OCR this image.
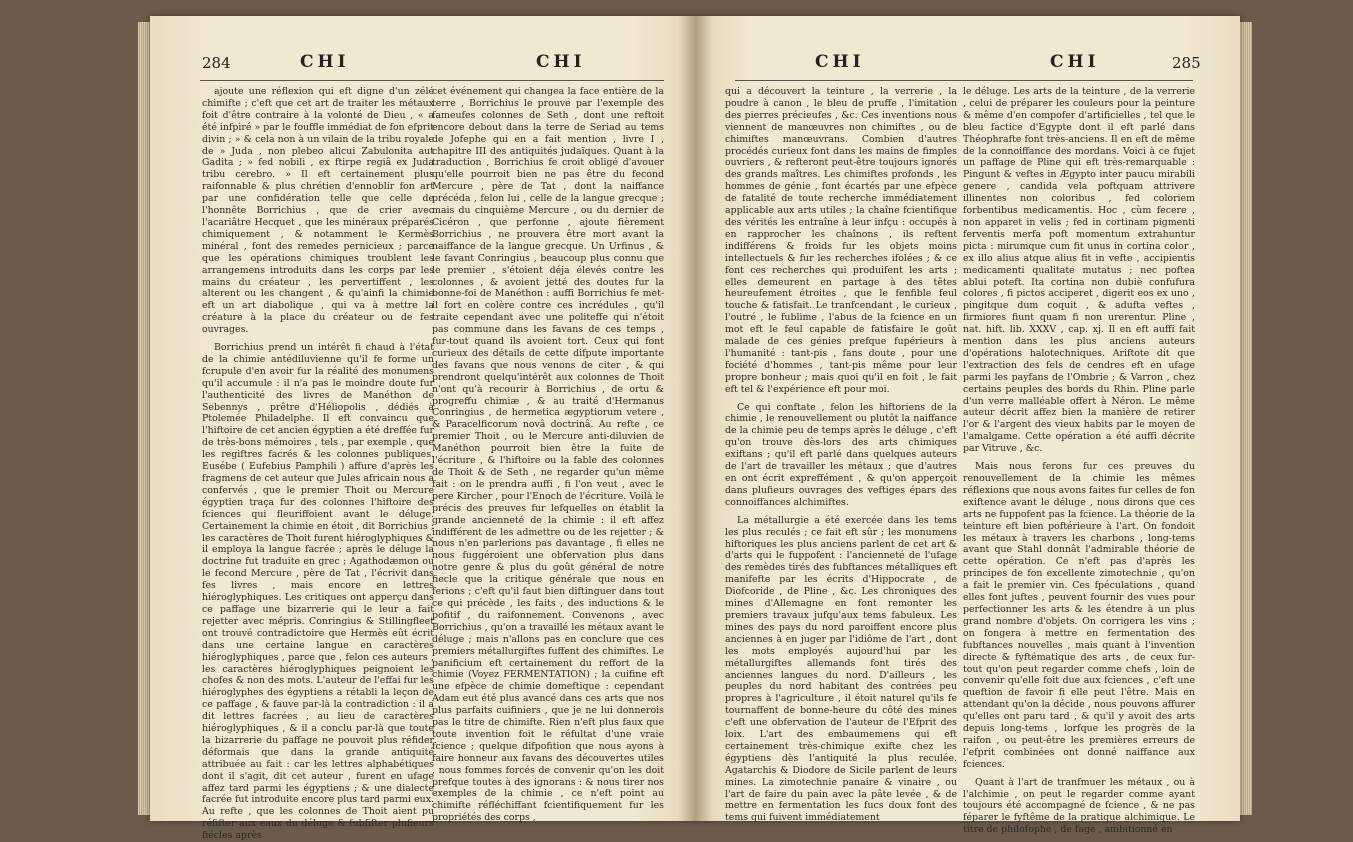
284	CHI	CHI

ajoute une réflexion qui eft digne d'un zélé chimifte ; c'eft que cet art de traiter les métaux foit d'être contraire à la volonté de Dieu , « a été infpiré » par le fouffle immédiat de fon efprit divin ; » & cela non à un vilain de la tribu royale de » Juda , non plebeo alicui Zabulonita aut Gadita ; » fed nobili , ex ftirpe regiâ ex Juda tribu cerebro. » Il eft certainement plus raifonnable & plus chrétien d'ennoblir fon art par une confidération telle que celle de l'honnête Borrichius , que de crier avec l'acariâtre Hecquet , que les minéraux préparés chimiquement , & notamment le Kermès minéral , font des remedes pernicieux ; parce que les opérations chimiques troublent les arrangemens introduits dans les corps par les mains du créateur , les pervertiffent , les alterent ou les changent , & qu'ainfi la chimie eft un art diabolique , qui va à mettre la créature à la place du créateur ou de fes ouvrages.

Borrichius prend un intérêt fi chaud à l'état de la chimie antédiluvienne qu'il fe forme un fcrupule d'en avoir fur la réalité des monumens qu'il accumule : il n'a pas le moindre doute fur l'authenticité des livres de Manéthon de Sebennys , prêtre d'Héliopolis , dédiés à Ptolemée Philadelphe. Il eft convaincu que l'hiftoire de cet ancien égyptien a été dreffée fur de très-bons mémoires , tels , par exemple , que les regiftres facrés & les colonnes publiques. Eusébe ( Eufebius Pamphili ) affure d'après les fragmens de cet auteur que Jules africain nous a confervés , que le premier Thoit ou Mercure égyptien traça fur des colonnes l'hiftoire des fciences qui fleuriffoient avant le déluge. Certainement la chimie en étoit , dit Borrichius ; les caractères de Thoit furent hiéroglyphiques & il employa la langue facrée ; après le déluge la doctrine fut traduite en grec ; Agathodæmon ou le fecond Mercure , père de Tat , l'écrivit dans fes livres , mais encore en lettres hiéroglyphiques. Les critiques ont apperçu dans ce paffage une bizarrerie qui le leur a fait rejetter avec mépris. Conringius & Stillingfleet ont trouvé contradictoire que Hermès eût écrit dans une certaine langue en caractères hiéroglyphiques , parce que , felon ces auteurs , les caractères hiéroglyphiques peignoient les chofes & non des mots. L'auteur de l'effai fur les hiéroglyphes des égyptiens a rétabli la leçon de ce paffage , & fauve par-là la contradiction : il a dit lettres facrées , au lieu de caractères hiéroglyphiques , & il a conclu par-là que toute la bizarrerie du paffage ne pouvoit plus réfider déformais que dans la grande antiquité attribuée au fait : car les lettres alphabétiques dont il s'agit, dit cet auteur , furent en ufage affez tard parmi les égyptiens ; & une dialecte facrée fut introduite encore plus tard parmi eux. Au refte , que les colonnes de Thoit aient pu réfifter aux eaux du déluge & fubfifter plufieurs fiécles après

cet événement qui changea la face entière de la terre , Borrichius le prouve par l'exemple des fameufes colonnes de Seth , dont une reftoit encore debout dans la terre de Seriad au tems de Jofephe qui en a fait mention , livre I , chapitre III des antiquités judaïques. Quant à la traduction , Borrichius fe croit obligé d'avouer qu'elle pourroit bien ne pas être du fecond Mercure , père de Tat , dont la naiffance précéda , felon lui , celle de la langue grecque ; mais du cinquième Mercure , ou du dernier de Cicéron , que perfonne , ajoute fièrement Borrichius , ne prouvera être mort avant la naiffance de la langue grecque. Un Urfinus , & le favant Conringius , beaucoup plus connu que le premier , s'étoient déja élevés contre les colonnes , & avoient jetté des doutes fur la bonne-foi de Manéthon : auffi Borrichius fe met-il fort en colère contre ces incrédules , qu'il traite cependant avec une politeffe qui n'étoit pas commune dans les favans de ces temps , fur-tout quand ils avoient tort. Ceux qui font curieux des détails de cette difpute importante des favans que nous venons de citer , & qui prendront quelqu'intérêt aux colonnes de Thoit n'ont qu'à recourir à Borrichius , de ortu & progreffu chimiæ , & au traité d'Hermanus Conringius , de hermetica ægyptiorum vetere , & Paracelficorum novâ doctrinâ. Au refte , ce premier Thoit , ou le Mercure anti-diluvien de Manéthon pourroit bien être la fuite de l'écriture , & l'hiftoire ou la fable des colonnes de Thoit & de Seth , ne regarder qu'un même fait : on le prendra auffi , fi l'on veut , avec le pere Kircher , pour l'Enoch de l'écriture. Voilà le précis des preuves fur lefquelles on établit la grande ancienneté de la chimie : il eft affez indifférent de les admettre ou de les rejetter ; & nous n'en parlerions pas davantage , fi elles ne nous fuggéroient une obfervation plus dans notre genre & plus du goût général de notre fiecle que la critique générale que nous en ferions ; c'eft qu'il faut bien diftinguer dans tout ce qui précède , les faits , des inductions & le pofitif , du raifonnement. Convenons , avec Borrichius , qu'on a travaillé les métaux avant le déluge ; mais n'allons pas en conclure que ces premiers métallurgiftes fuffent des chimiftes. Le panificium eft certainement du reffort de la chimie (Voyez FERMENTATION) ; la cuifine eft une efpèce de chimie domeftique : cependant Adam eut été plus avancé dans ces arts que nos plus parfaits cuifiniers , que je ne lui donnerois pas le titre de chimifte. Rien n'eft plus faux que toute invention foit le réfultat d'une vraie fcience ; quelque difpofition que nous ayons à faire honneur aux favans des découvertes utiles , nous fommes forcés de convenir qu'on les doit prefque toutes à des ignorans : & nous tirer nos exemples de la chimie , ce n'eft point au chimifte réfléchiffant fcientifiquement fur les propriétés des corps ,

CHI	CHI	285

qui a découvert la teinture , la verrerie , la poudre à canon , le bleu de pruffe , l'imitation des pierres précieufes , &c. Ces inventions nous viennent de manœuvres non chimiftes , ou de chimiftes manœuvrans. Combien d'autres procédés curieux font dans les mains de fimples ouvriers , & refteront peut-être toujours ignorés des grands maîtres. Les chimiftes profonds , les hommes de génie , font écartés par une efpèce de fatalité de toute recherche immédiatement applicable aux arts utiles ; la chaîne fcientifique des vérités les entraîne à leur infçu : occupés à en rapprocher les chaînons , ils reftent indifférens & froids fur les objets moins intellectuels & fur les recherches ifolées ; & ce font ces recherches qui produifent les arts ; elles demeurent en partage à des têtes heureufement étroites , que le fenfible feul touche & fatisfait. Le tranfcendant , le curieux , l'outré , le fublime , l'abus de la fcience en un mot eft le feul capable de fatisfaire le goût malade de ces génies prefque fupérieurs à l'humanité : tant-pis , fans doute , pour une fociété d'hommes , tant-pis même pour leur propre bonheur ; mais quoi qu'il en foit , le fait eft tel & l'expérience eft pour moi.

Ce qui conftate , felon les hiftoriens de la chimie , le renouvellement ou plutôt la naiffance de la chimie peu de temps après le déluge , c'eft qu'on trouve dès-lors des arts chimiques exiftans ; qu'il eft parlé dans quelques auteurs de l'art de travailler les métaux ; que d'autres en ont écrit expreffément , & qu'on apperçoit dans plufieurs ouvrages des veftiges épars des connoiffances alchimiftes.

La métallurgie a été exercée dans les tems les plus reculés ; ce fait eft sûr ; les monumens hiftoriques les plus anciens parlent de cet art & d'arts qui le fuppofent : l'ancienneté de l'ufage des remèdes tirés des fubftances métalliques eft manifefte par les écrits d'Hippocrate , de Diofcoride , de Pline , &c. Les chroniques des mines d'Allemagne en font remonter les premiers travaux jufqu'aux tems fabuleux. Les mines des pays du nord paroiffent encore plus anciennes à en juger par l'idiôme de l'art , dont les mots employés aujourd'hui par les métallurgiftes allemands font tirés des anciennes langues du nord. D'ailleurs , les peuples du nord habitant des contrées peu propres à l'agriculture , il étoit naturel qu'ils fe tournaffent de bonne-heure du côté des mines c'eft une obfervation de l'auteur de l'Efprit des loix. L'art des embaumemens qui eft certainement très-chimique exifte chez les égyptiens dès l'antiquité la plus reculée. Agatarchis & Diodore de Sicile parlent de leurs mines. La zimotechnie panaire & vinaire , ou l'art de faire du pain avec la pâte levée , & de mettre en fermentation les fucs doux font des tems qui fuivent immédiatement

le déluge. Les arts de la teinture , de la verrerie , celui de préparer les couleurs pour la peinture & même d'en compofer d'artificielles , tel que le bleu factice d'Egypte dont il eft parlé dans Théophrafte font très-anciens. Il en eft de même de la connoiffance des mordans. Voici à ce fujet un paffage de Pline qui eft très-remarquable : Pingunt & veftes in Ægypto inter paucu mirabili genere , candida vela poftquam attrivere illinentes non coloribus , fed coloriem forbentibus medicamentis. Hoc , cùm fecere , non apparet in velis ; fed in cortinam pigmenti ferventis merfa poft momentum extrahuntur picta : mirumque cum fit unus in cortina color , ex illo alius atque alius fit in vefte , accipientis medicamenti qualitate mutatus ; nec poftea ablui poteft. Ita cortina non dubiè confufura colores , fi pictos acciperet , digerit eos ex uno , pingitque dum coquit , & adufta veftes , firmiores fiunt quam fi non urerentur. Pline , nat. hift. lib. XXXV , cap. xj. Il en eft auffi fait mention dans les plus anciens auteurs d'opérations halotechniques. Ariftote dit que l'extraction des fels de cendres eft en ufage parmi les payfans de l'Ombrie ; & Varron , chez certains peuples des bords du Rhin. Pline parle d'un verre malléable offert à Néron. Le même auteur décrit affez bien la manière de retirer l'or & l'argent des vieux habits par le moyen de l'amalgame. Cette opération a été auffi décrite par Vitruve , &c.

Mais nous ferons fur ces preuves du renouvellement de la chimie les mêmes réflexions que nous avons faites fur celles de fon exiftence avant le déluge , nous dirons que ces arts ne fuppofent pas la fcience. La théorie de la teinture eft bien poftérieure à l'art. On fondoit les métaux à travers les charbons , long-tems avant que Stahl donnât l'admirable théorie de cette opération. Ce n'eft pas d'après les principes de fon excellente zimotechnie , qu'on a fait le premier vin. Ces fpéculations , quand elles font juftes , peuvent fournir des vues pour perfectionner les arts & les étendre à un plus grand nombre d'objets. On corrigera les vins ; on fongera à mettre en fermentation des fubftances nouvelles , mais quant à l'invention directe & fyftématique des arts , de ceux fur-tout qu'on peut regarder comme chefs , loin de convenir qu'elle foit due aux fciences , c'eft une queftion de favoir fi elle peut l'être. Mais en attendant qu'on la décide , nous pouvons affurer qu'elles ont paru tard , & qu'il y avoit des arts depuis long-tems , lorfque les progrès de la raifon , ou peut-être les premières erreurs de l'efprit combinées ont donné naiffance aux fciences.

Quant à l'art de tranfmuer les métaux , ou à l'alchimie , on peut le regarder comme ayant toujours été accompagné de fcience , & ne pas féparer le fyftême de la pratique alchimique. Le titre de philofophe , de fage , ambitionné en
